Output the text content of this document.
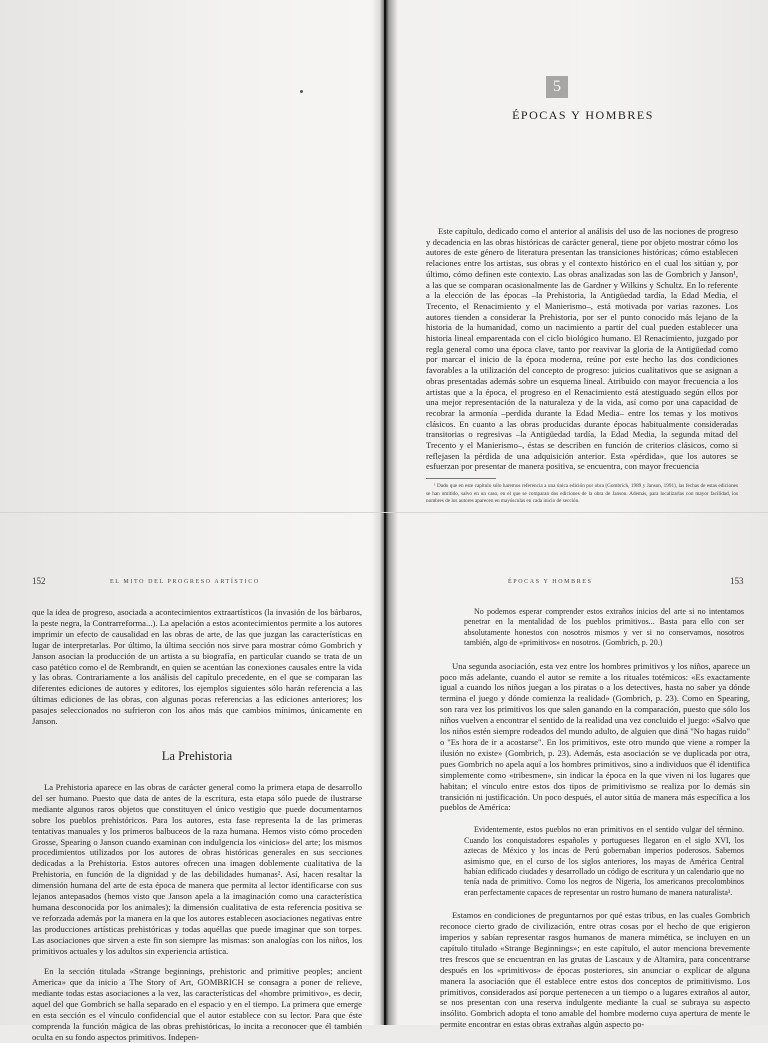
5
ÉPOCAS Y HOMBRES

Este capítulo, dedicado como el anterior al análisis del uso de las nociones de progreso y decadencia en las obras históricas de carácter general, tiene por objeto mostrar cómo los autores de este género de literatura presentan las transiciones históricas; cómo establecen relaciones entre los artistas, sus obras y el contexto histórico en el cual los sitúan y, por último, cómo definen este contexto. Las obras analizadas son las de Gombrich y Janson¹, a las que se comparan ocasionalmente las de Gardner y Wilkins y Schultz. En lo referente a la elección de las épocas –la Prehistoria, la Antigüedad tardía, la Edad Media, el Trecento, el Renacimiento y el Manierismo–, está motivada por varias razones. Los autores tienden a considerar la Prehistoria, por ser el punto conocido más lejano de la historia de la humanidad, como un nacimiento a partir del cual pueden establecer una historia lineal emparentada con el ciclo biológico humano. El Renacimiento, juzgado por regla general como una época clave, tanto por reavivar la gloria de la Antigüedad como por marcar el inicio de la época moderna, reúne por este hecho las dos condiciones favorables a la utilización del concepto de progreso: juicios cualitativos que se asignan a obras presentadas además sobre un esquema lineal. Atribuido con mayor frecuencia a los artistas que a la época, el progreso en el Renacimiento está atestiguado según ellos por una mejor representación de la naturaleza y de la vida, así como por una capacidad de recobrar la armonía –perdida durante la Edad Media– entre los temas y los motivos clásicos. En cuanto a las obras producidas durante épocas habitualmente consideradas transitorias o regresivas –la Antigüedad tardía, la Edad Media, la segunda mitad del Trecento y el Manierismo–, éstas se describen en función de criterios clásicos, como si reflejasen la pérdida de una adquisición anterior. Esta «pérdida», que los autores se esfuerzan por presentar de manera positiva, se encuentra, con mayor frecuencia

¹ Dado que en este capítulo sólo haremos referencia a una única edición por obra (Gombrich, 1989 y Janson, 1991), las fechas de estas ediciones se han omitido, salvo en un caso, en el que se comparan dos ediciones de la obra de Janson. Además, para localizarlas con mayor facilidad, los nombres de los autores aparecen en mayúsculas en cada inicio de sección.

152	EL MITO DEL PROGRESO ARTÍSTICO

que la idea de progreso, asociada a acontecimientos extraartísticos (la invasión de los bárbaros, la peste negra, la Contrarreforma...). La apelación a estos acontecimientos permite a los autores imprimir un efecto de causalidad en las obras de arte, de las que juzgan las características en lugar de interpretarlas. Por último, la última sección nos sirve para mostrar cómo Gombrich y Janson asocian la producción de un artista a su biografía, en particular cuando se trata de un caso patético como el de Rembrandt, en quien se acentúan las conexiones causales entre la vida y las obras. Contrariamente a los análisis del capítulo precedente, en el que se comparan las diferentes ediciones de autores y editores, los ejemplos siguientes sólo harán referencia a las últimas ediciones de las obras, con algunas pocas referencias a las ediciones anteriores; los pasajes seleccionados no sufrieron con los años más que cambios mínimos, únicamente en Janson.

La Prehistoria

La Prehistoria aparece en las obras de carácter general como la primera etapa de desarrollo del ser humano. Puesto que data de antes de la escritura, esta etapa sólo puede de ilustrarse mediante algunos raros objetos que constituyen el único vestigio que puede documentarnos sobre los pueblos prehistóricos. Para los autores, esta fase representa la de las primeras tentativas manuales y los primeros balbuceos de la raza humana. Hemos visto cómo proceden Grosse, Spearing o Janson cuando examinan con indulgencia los «inicios» del arte; los mismos procedimientos utilizados por los autores de obras históricas generales en sus secciones dedicadas a la Prehistoria. Estos autores ofrecen una imagen doblemente cualitativa de la Prehistoria, en función de la dignidad y de las debilidades humanas². Así, hacen resaltar la dimensión humana del arte de esta época de manera que permita al lector identificarse con sus lejanos antepasados (hemos visto que Janson apela a la imaginación como una característica humana desconocida por los animales); la dimensión cualitativa de esta referencia positiva se ve reforzada además por la manera en la que los autores establecen asociaciones negativas entre las producciones artísticas prehistóricas y todas aquéllas que puede imaginar que son torpes. Las asociaciones que sirven a este fin son siempre las mismas: son analogías con los niños, los primitivos actuales y los adultos sin experiencia artística.

En la sección titulada «Strange beginnings, prehistoric and primitive peoples; ancient America» que da inicio a The Story of Art, GOMBRICH se consagra a poner de relieve, mediante todas estas asociaciones a la vez, las características del «hombre primitivo», es decir, aquel del que Gombrich se halla separado en el espacio y en el tiempo. La primera que emerge en esta sección es el vínculo confidencial que el autor establece con su lector. Para que éste comprenda la función mágica de las obras prehistóricas, lo incita a reconocer que él también oculta en su fondo aspectos primitivos. Indepen-

ÉPOCAS Y HOMBRES	153

No podemos esperar comprender estos extraños inicios del arte si no intentamos penetrar en la mentalidad de los pueblos primitivos... Basta para ello con ser absolutamente honestos con nosotros mismos y ver si no conservamos, nosotros también, algo de «primitivos» en nosotros. (Gombrich, p. 20.)

Una segunda asociación, esta vez entre los hombres primitivos y los niños, aparece un poco más adelante, cuando el autor se remite a los rituales totémicos: «Es exactamente igual a cuando los niños juegan a los piratas o a los detectives, hasta no saber ya dónde termina el juego y dónde comienza la realidad» (Gombrich, p. 23). Como en Spearing, son rara vez los primitivos los que salen ganando en la comparación, puesto que sólo los niños vuelven a encontrar el sentido de la realidad una vez concluido el juego: «Salvo que los niños estén siempre rodeados del mundo adulto, de alguien que diná "No hagas ruido" o "Es hora de ir a acostarse". En los primitivos, este otro mundo que viene a romper la ilusión no existe» (Gombrich, p. 23). Además, esta asociación se ve duplicada por otra, pues Gombrich no apela aquí a los hombres primitivos, sino a individuos que él identifica simplemente como «tribesmen», sin indicar la época en la que viven ni los lugares que habitan; el vínculo entre estos dos tipos de primitivismo se realiza por lo demás sin transición ni justificación. Un poco después, el autor sitúa de manera más específica a los pueblos de América:

Evidentemente, estos pueblos no eran primitivos en el sentido vulgar del término. Cuando los conquistadores españoles y portugueses llegaron en el siglo XVI, los aztecas de México y los incas de Perú gobernaban imperios poderosos. Sabemos asimismo que, en el curso de los siglos anteriores, los mayas de América Central habían edificado ciudades y desarrollado un código de escritura y un calendario que no tenía nada de primitivo. Como los negros de Nigeria, los americanos precolombinos eran perfectamente capaces de representar un rostro humano de manera naturalista³.

Estamos en condiciones de preguntarnos por qué estas tribus, en las cuales Gombrich reconoce cierto grado de civilización, entre otras cosas por el hecho de que erigieron imperios y sabían representar rasgos humanos de manera mimética, se incluyen en un capítulo titulado «Strange Beginnings»; en este capítulo, el autor menciona brevemente tres frescos que se encuentran en las grutas de Lascaux y de Altamira, para concentrarse después en los «primitivos» de épocas posteriores, sin anunciar o explicar de alguna manera la asociación que él establece entre estos dos conceptos de primitivismo. Los primitivos, considerados así porque pertenecen a un tiempo o a lugares extraños al autor, se nos presentan con una reserva indulgente mediante la cual se subraya su aspecto insólito. Gombrich adopta el tono amable del hombre moderno cuya apertura de mente le permite encontrar en estas obras extrañas algún aspecto po-
